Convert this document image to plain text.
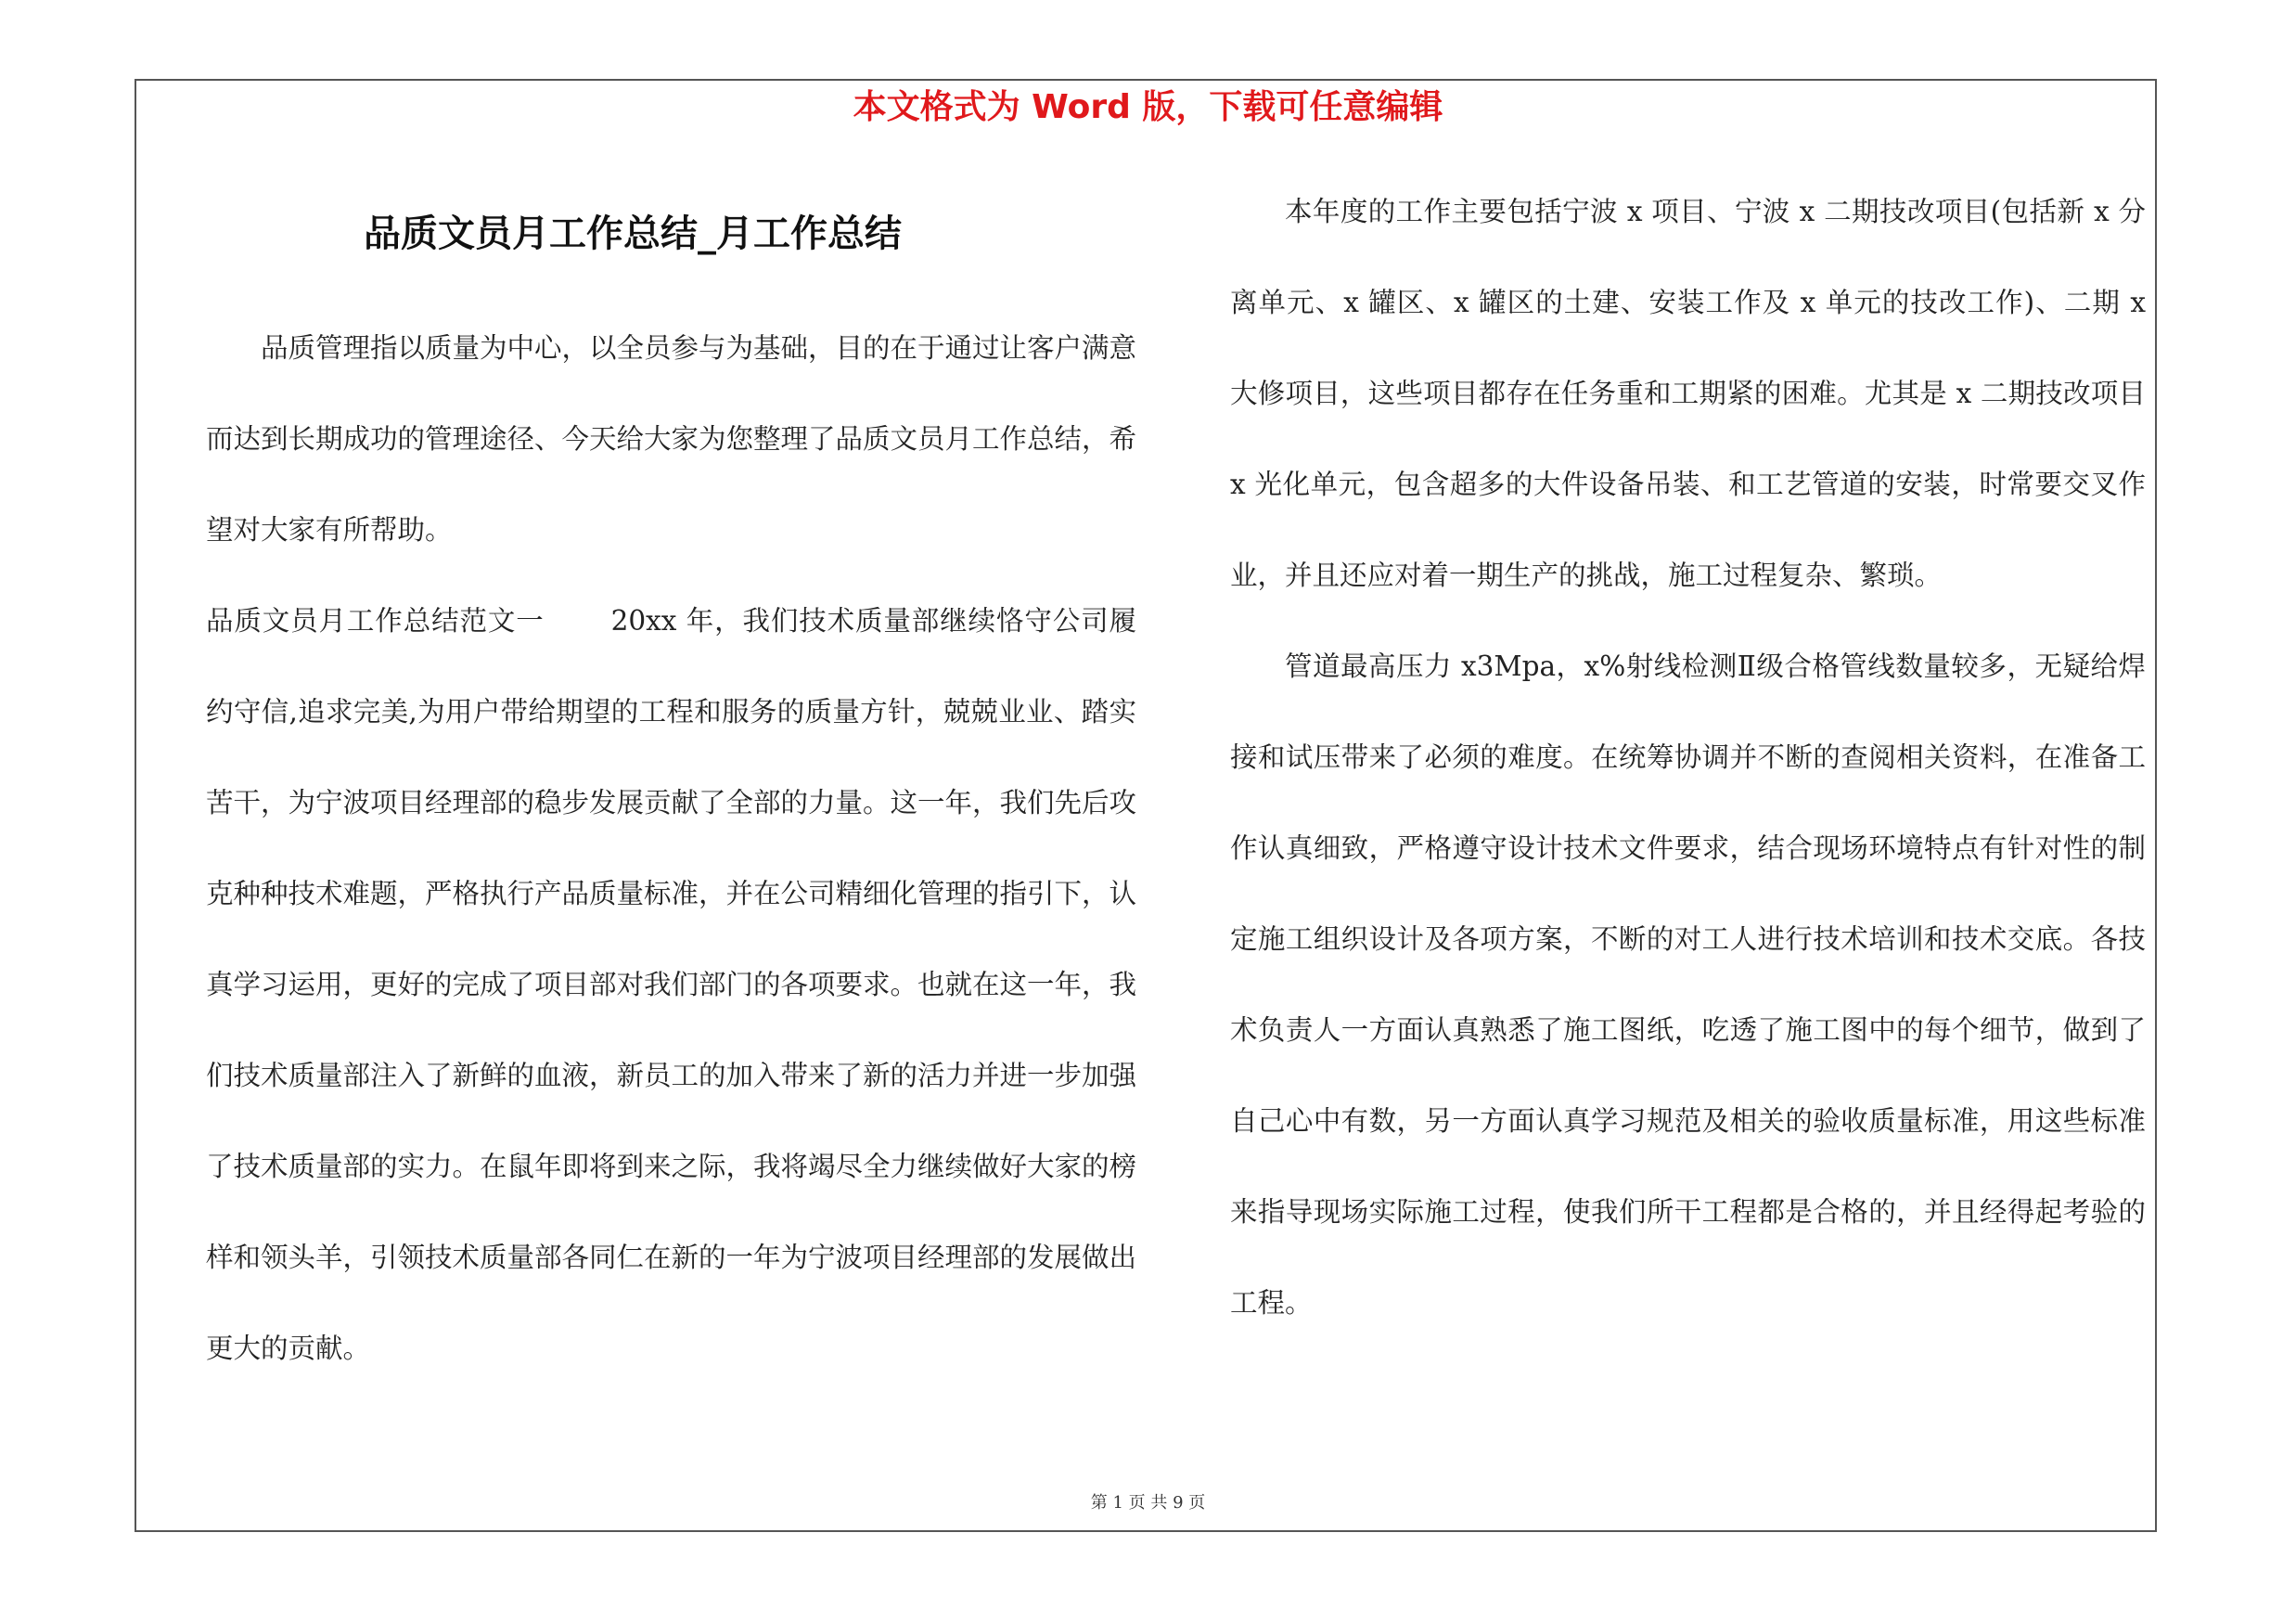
本文格式为 Word 版，下载可任意编辑

品质文员月工作总结_月工作总结

品质管理指以质量为中心，以全员参与为基础，目的在于通过让客户满意而达到长期成功的管理途径、今天给大家为您整理了品质文员月工作总结，希望对大家有所帮助。

品质文员月工作总结范文一 20xx 年，我们技术质量部继续恪守公司履约守信,追求完美,为用户带给期望的工程和服务的质量方针，兢兢业业、踏实苦干，为宁波项目经理部的稳步发展贡献了全部的力量。这一年，我们先后攻克种种技术难题，严格执行产品质量标准，并在公司精细化管理的指引下，认真学习运用，更好的完成了项目部对我们部门的各项要求。也就在这一年，我们技术质量部注入了新鲜的血液，新员工的加入带来了新的活力并进一步加强了技术质量部的实力。在鼠年即将到来之际，我将竭尽全力继续做好大家的榜样和领头羊，引领技术质量部各同仁在新的一年为宁波项目经理部的发展做出更大的贡献。

本年度的工作主要包括宁波 x 项目、宁波 x 二期技改项目(包括新 x 分离单元、x 罐区、x 罐区的土建、安装工作及 x 单元的技改工作)、二期 x 大修项目，这些项目都存在任务重和工期紧的困难。尤其是 x 二期技改项目 x 光化单元，包含超多的大件设备吊装、和工艺管道的安装，时常要交叉作业，并且还应对着一期生产的挑战，施工过程复杂、繁琐。

管道最高压力 x3Mpa，x%射线检测Ⅱ级合格管线数量较多，无疑给焊接和试压带来了必须的难度。在统筹协调并不断的查阅相关资料，在准备工作认真细致，严格遵守设计技术文件要求，结合现场环境特点有针对性的制定施工组织设计及各项方案，不断的对工人进行技术培训和技术交底。各技术负责人一方面认真熟悉了施工图纸，吃透了施工图中的每个细节，做到了自己心中有数，另一方面认真学习规范及相关的验收质量标准，用这些标准来指导现场实际施工过程，使我们所干工程都是合格的，并且经得起考验的工程。

第 1 页 共 9 页
